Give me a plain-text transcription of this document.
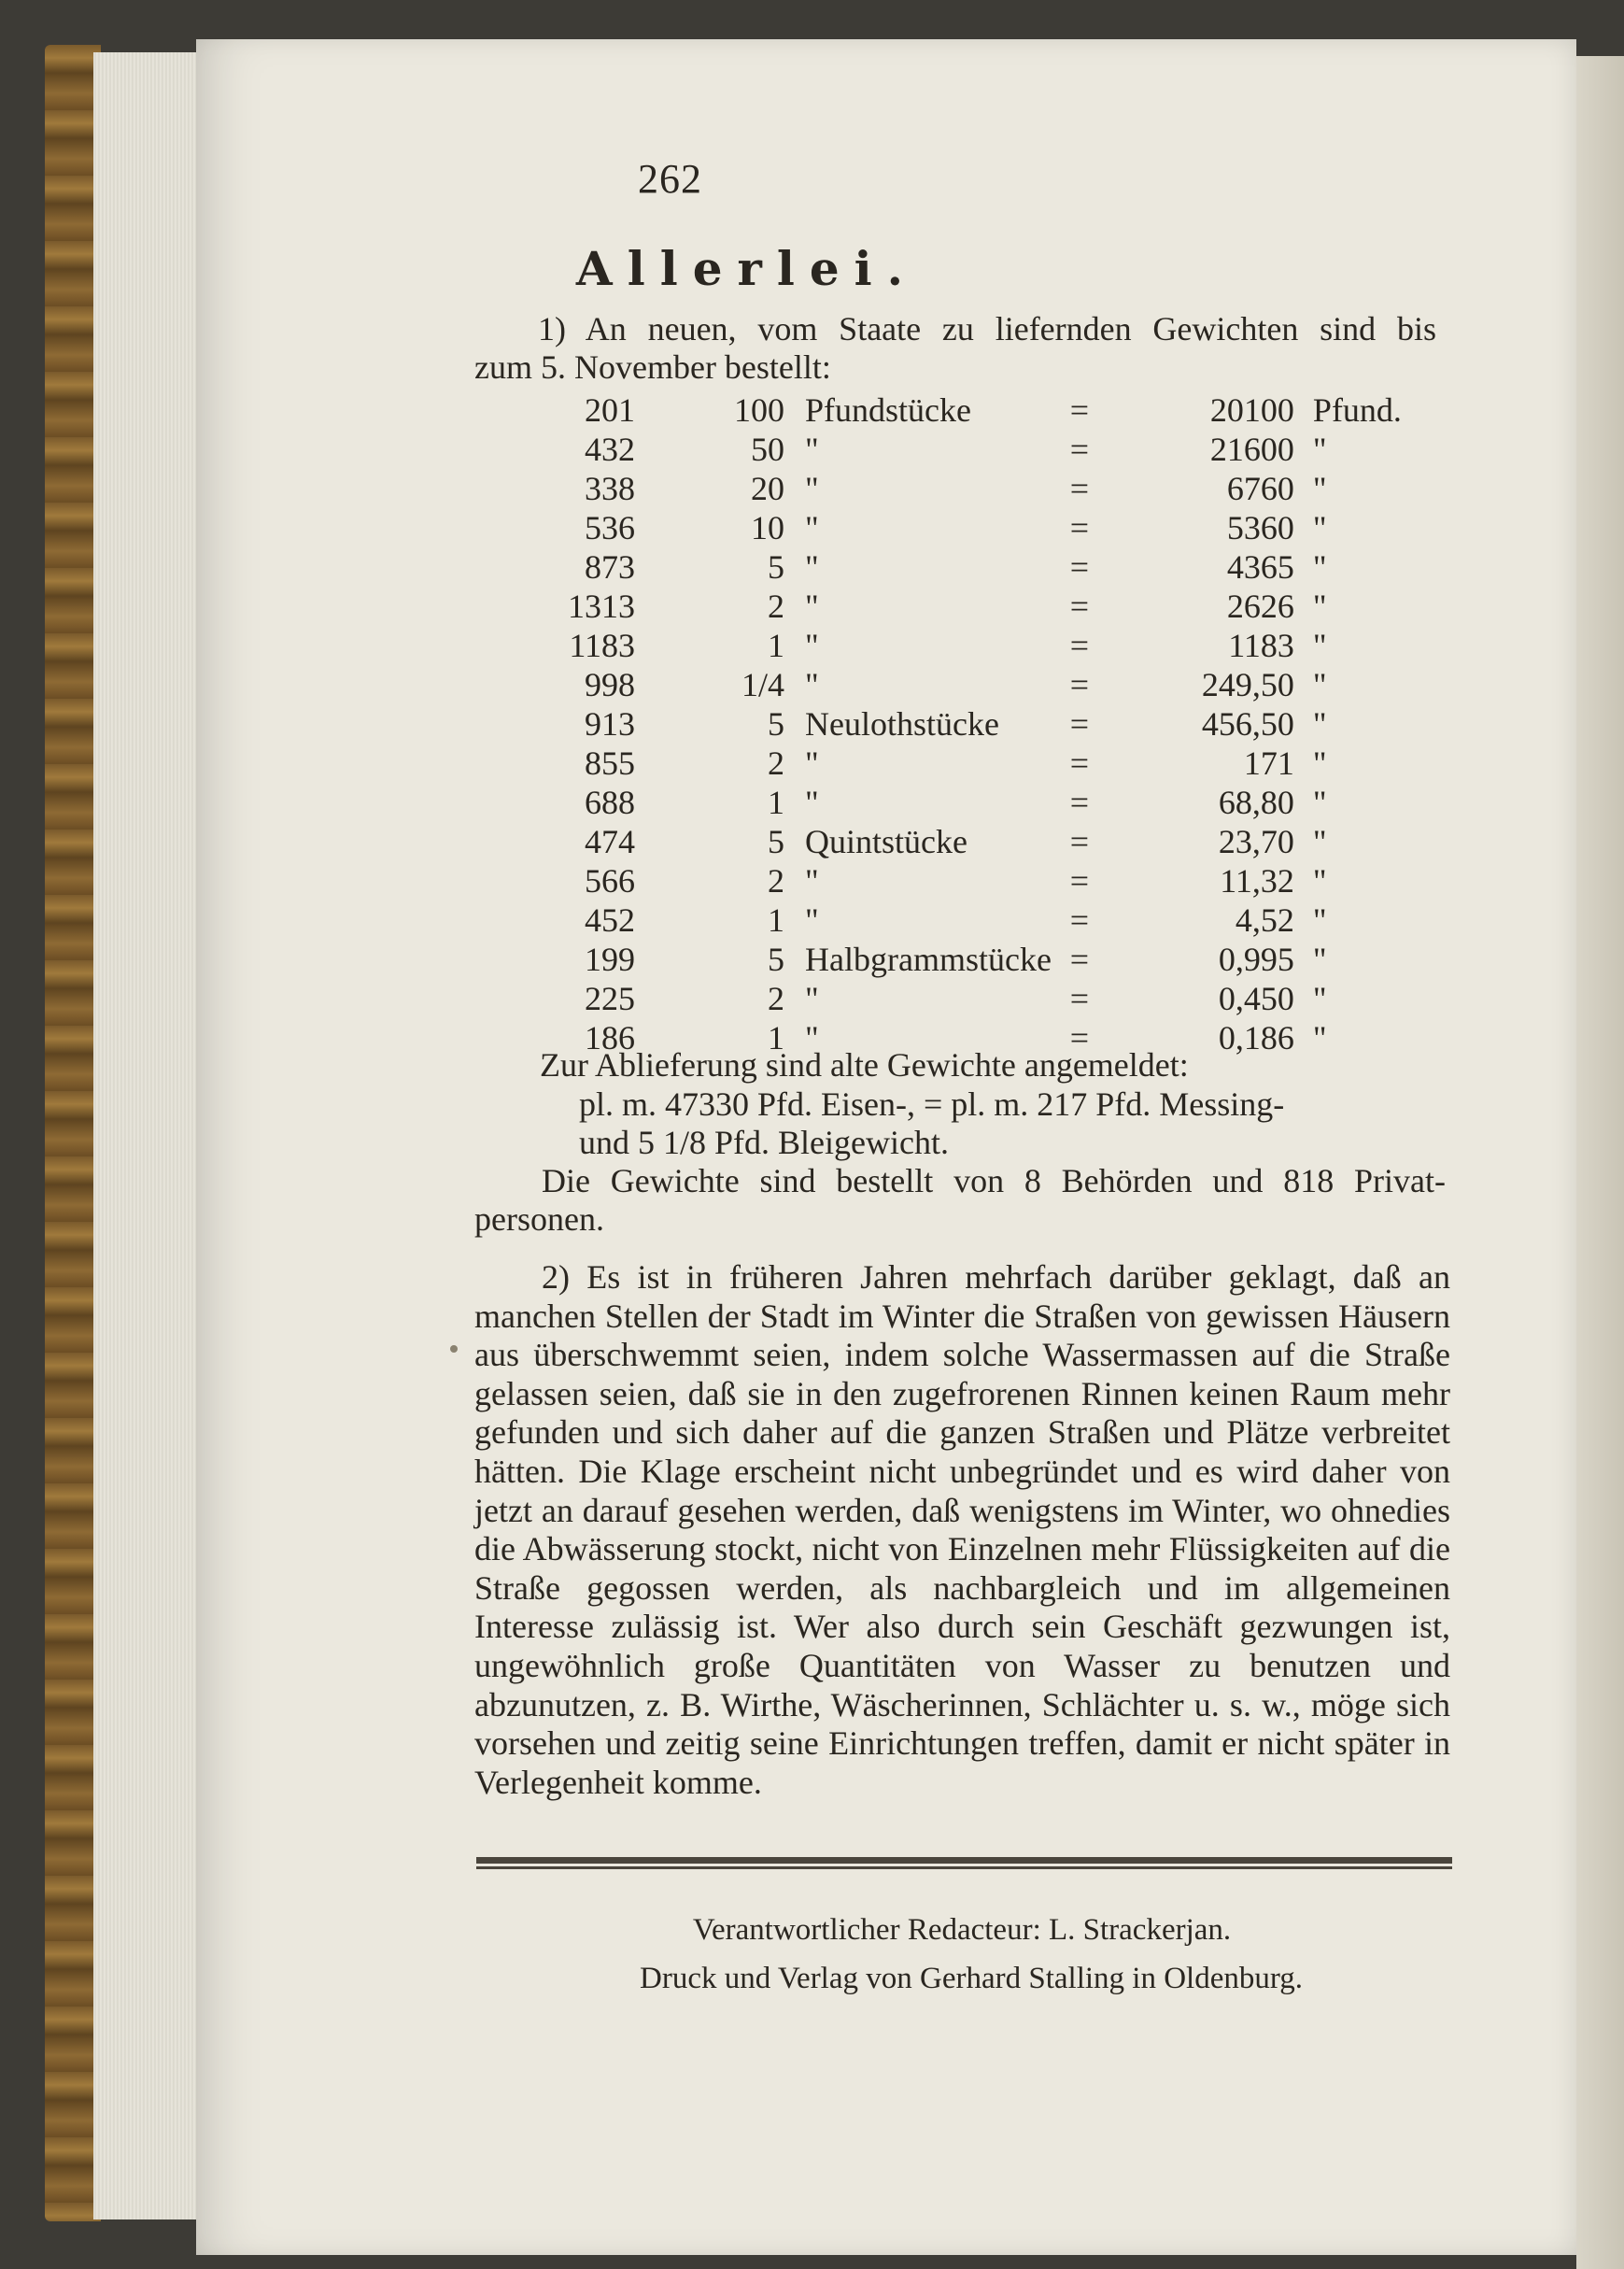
262
Allerlei.
1) An neuen, vom Staate zu liefernden Gewichten sind bis
zum 5. November bestellt:
201	100	Pfundstücke	=	20100	Pfund.
432	50	"	=	21600	"
338	20	"	=	6760	"
536	10	"	=	5360	"
873	5	"	=	4365	"
1313	2	"	=	2626	"
1183	1	"	=	1183	"
998	1/4	"	=	249,50	"
913	5	Neulothstücke	=	456,50	"
855	2	"	=	171	"
688	1	"	=	68,80	"
474	5	Quintstücke	=	23,70	"
566	2	"	=	11,32	"
452	1	"	=	4,52	"
199	5	Halbgrammstücke	=	0,995	"
225	2	"	=	0,450	"
186	1	"	=	0,186	"
Zur Ablieferung sind alte Gewichte angemeldet:
pl. m. 47330 Pfd. Eisen-, = pl. m. 217 Pfd. Messing-
und 5 1/8 Pfd. Bleigewicht.
Die Gewichte sind bestellt von 8 Behörden und 818 Privat-
personen.
2) Es ist in früheren Jahren mehrfach darüber geklagt, daß an manchen Stellen der Stadt im Winter die Straßen von gewissen Häusern aus überschwemmt seien, indem solche Wassermassen auf die Straße gelassen seien, daß sie in den zugefrorenen Rinnen keinen Raum mehr gefunden und sich daher auf die ganzen Straßen und Plätze verbreitet hätten. Die Klage erscheint nicht unbegründet und es wird daher von jetzt an darauf gesehen werden, daß wenigstens im Winter, wo ohnedies die Abwässerung stockt, nicht von Einzelnen mehr Flüssigkeiten auf die Straße gegossen werden, als nachbargleich und im allgemeinen Interesse zulässig ist. Wer also durch sein Geschäft gezwungen ist, ungewöhnlich große Quantitäten von Wasser zu benutzen und abzunutzen, z. B. Wirthe, Wäscherinnen, Schlächter u. s. w., möge sich vorsehen und zeitig seine Einrichtungen treffen, damit er nicht später in Verlegenheit komme.
Verantwortlicher Redacteur: L. Strackerjan.
Druck und Verlag von Gerhard Stalling in Oldenburg.
